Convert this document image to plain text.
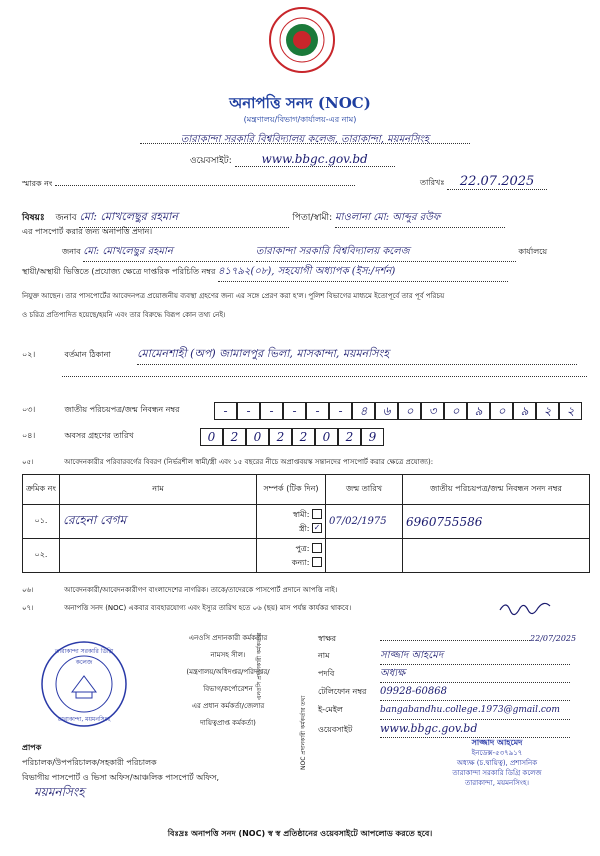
অনাপত্তি সনদ (NOC)
(মন্ত্রণালয়/বিভাগ/কার্যালয়-এর নাম)
তারাকান্দা সরকারি বিশ্ববিদ্যালয় কলেজ, তারাকান্দা, ময়মনসিংহ
ওয়েবসাইট: www.bbgc.gov.bd
স্মারক নং	তারিখঃ 22.07.2025
বিষয়ঃ জনাব মো: মোখলেছুর রহমান	পিতা/স্বামী: মাওলানা মো: আব্দুর রউফ
এর পাসপোর্ট করার জন্য অনাপত্তি প্রদান।
জনাব মো: মোখলেছুর রহমান	তারাকান্দা সরকারি বিশ্ববিদ্যালয় কলেজ	কার্যালয়ে
স্থায়ী/অস্থায়ী ভিত্তিতে (প্রযোজ্য ক্ষেত্রে দাপ্তরিক পরিচিতি নম্বর ৪১৭৯২(০৮), সহযোগী অধ্যাপক (ইস:/দর্শন)
নিযুক্ত আছেন। তার পাসপোর্টের আবেদনপত্র প্রয়োজনীয় ব্যবস্থা গ্রহণের জন্য এর সঙ্গে প্রেরণ করা হ'ল। পুলিশ বিভাগের মাধ্যমে ইতোপূর্বে তার পূর্ব পরিচয়
ও চরিত্র প্রতিপাদিত হয়েছে/হয়নি এবং তার বিরুদ্ধে বিরূপ কোন তথ্য নেই।
০২।	বর্তমান ঠিকানা মোমেনশাহী (অপ) জামালপুর ভিলা, মাসকান্দা, ময়মনসিংহ
০৩।	জাতীয় পরিচয়পত্র/জন্ম নিবন্ধন নম্বর	- - - - - - ৪ ৬ ০ ৩ ০ ৯ ০ ৯ ২ ২
০৪।	অবসর গ্রহণের তারিখ	0 2 0 2 2 0 2 9
০৫।	আবেদনকারীর পরিবারবর্গের বিবরণ (নির্ভরশীল স্বামী/স্ত্রী এবং ১৫ বছরের নীচে অপ্রাপ্তবয়স্ক সন্তানদের পাসপোর্ট করার ক্ষেত্রে প্রযোজ্য):
ক্রমিক নং	নাম	সম্পর্ক (টিক দিন)	জন্ম তারিখ	জাতীয় পরিচয়পত্র/জন্ম নিবন্ধন সনদ নম্বর
০১.	রেহেনা বেগম	স্বামী:
স্ত্রী: ✓	07/02/1975	6960755586
০২.		পুত্র:
কন্যা:		
০৬।	আবেদনকারী/আবেদনকারীগণ বাংলাদেশের নাগরিক। তাকে/তাদেরকে পাসপোর্ট প্রদানে আপত্তি নাই।
০৭।	অনাপত্তি সনদ (NOC) একবার ব্যবহারযোগ্য এবং ইস্যুর তারিখ হতে ০৬ (ছয়) মাস পর্যন্ত কার্যকর থাকবে।
তারাকান্দা সরকারি ডিগ্রি কলেজ
তারাকান্দা, ময়মনসিংহ
এনওসি প্রদানকারী কর্মকর্তার
নামসহ সীল।
(মন্ত্রণালয়/অধিদপ্তর/পরিদপ্তর/
বিভাগ/কর্পোরেশন
এর প্রধান কর্মকর্তা/জেলার
দায়িত্বপ্রাপ্ত কর্মকর্তা)
এনওসি প্রদানকারী কর্মকর্তার
NOC প্রদানকারী কর্মকর্তার তথ্য
স্বাক্ষর	22/07/2025
নাম	সাজ্জাদ আহমেদ
পদবি	অধ্যক্ষ
টেলিফোন নম্বর 09928-60868
ই-মেইল	bangabandhu.college.1973@gmail.com
ওয়েবসাইট	www.bbgc.gov.bd
প্রাপক
পরিচালক/উপপরিচালক/সহকারী পরিচালক
বিভাগীয় পাসপোর্ট ও ভিসা অফিস/আঞ্চলিক পাসপোর্ট অফিস,
ময়মনসিংহ
সাজ্জাদ আহমেদ
ইনডেক্স-৫৩৭৯১৭
অধ্যক্ষ (চ.দ্বায়িত্ব), প্রশাসনিক
তারাকান্দা সরকারি ডিগ্রি কলেজ
তারাকান্দা, ময়মনসিংহ।
বিঃদ্রঃ অনাপত্তি সনদ (NOC) স্ব স্ব প্রতিষ্ঠানের ওয়েবসাইটে আপলোড করতে হবে।
